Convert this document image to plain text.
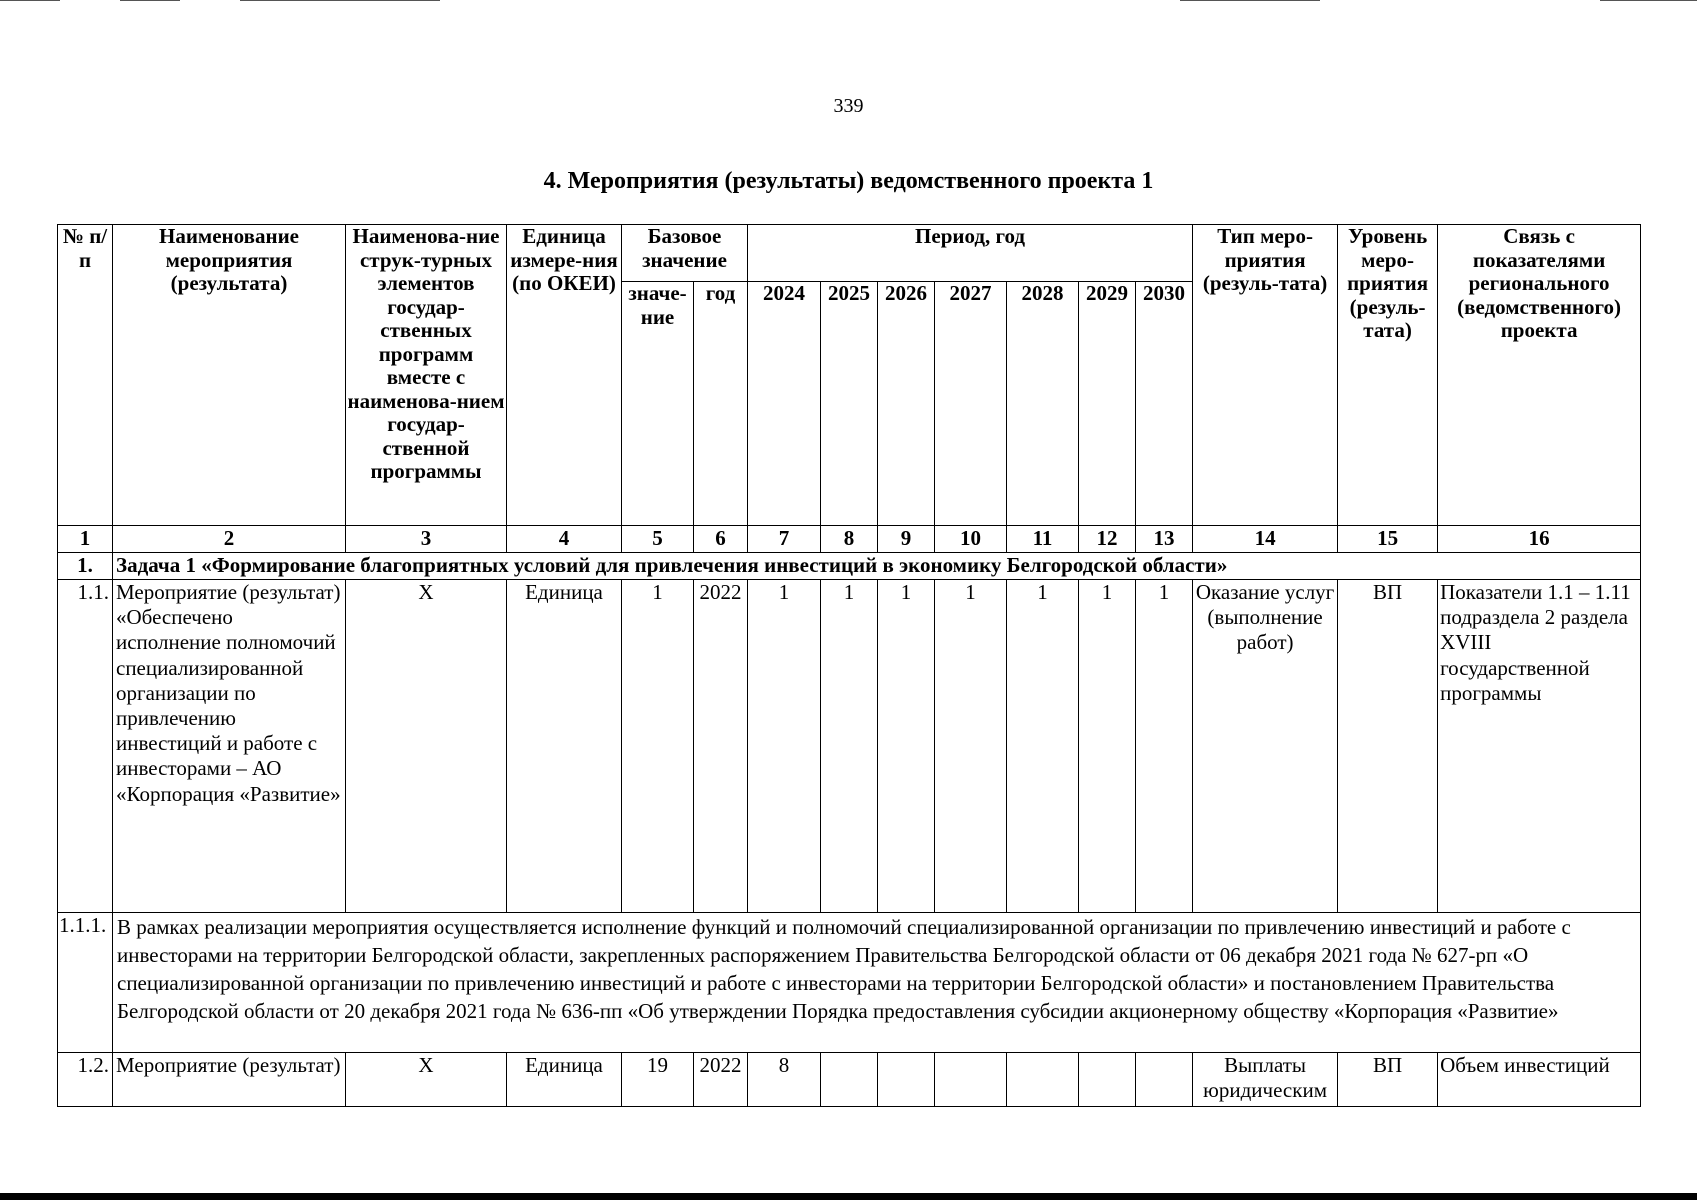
339
4. Мероприятия (результаты) ведомственного проекта 1
№ п/п	Наименование мероприятия (результата)	Наименова-ние струк-турных элементов государ-ственных программ вместе с наименова-нием государ-ственной программы	Единица измере-ния (по ОКЕИ)	Базовое значение		Период, год							Тип меро-приятия (резуль-тата)	Уровень меро-приятия (резуль-тата)	Связь с показателями регионального (ведомственного) проекта
				значе-ние	год	2024	2025	2026	2027	2028	2029	2030			
1	2	3	4	5	6	7	8	9	10	11	12	13	14	15	16
1.	Задача 1 «Формирование благоприятных условий для привлечения инвестиций в экономику Белгородской области»														
1.1.	Мероприятие (результат) «Обеспечено исполнение полномочий специализированной организации по привлечению инвестиций и работе с инвесторами – АО «Корпорация «Развитие»	Х	Единица	1	2022	1	1	1	1	1	1	1	Оказание услуг (выполнение работ)	ВП	Показатели 1.1 – 1.11 подраздела 2 раздела XVIII государственной программы
1.1.1.	В рамках реализации мероприятия осуществляется исполнение функций и полномочий специализированной организации по привлечению инвестиций и работе с инвесторами на территории Белгородской области, закрепленных распоряжением Правительства Белгородской области от 06 декабря 2021 года № 627-рп «О специализированной организации по привлечению инвестиций и работе с инвесторами на территории Белгородской области» и постановлением Правительства Белгородской области от 20 декабря 2021 года № 636-пп «Об утверждении Порядка предоставления субсидии акционерному обществу «Корпорация «Развитие»														
1.2.	Мероприятие (результат)	Х	Единица	19	2022	8							Выплаты юридическим	ВП	Объем инвестиций
